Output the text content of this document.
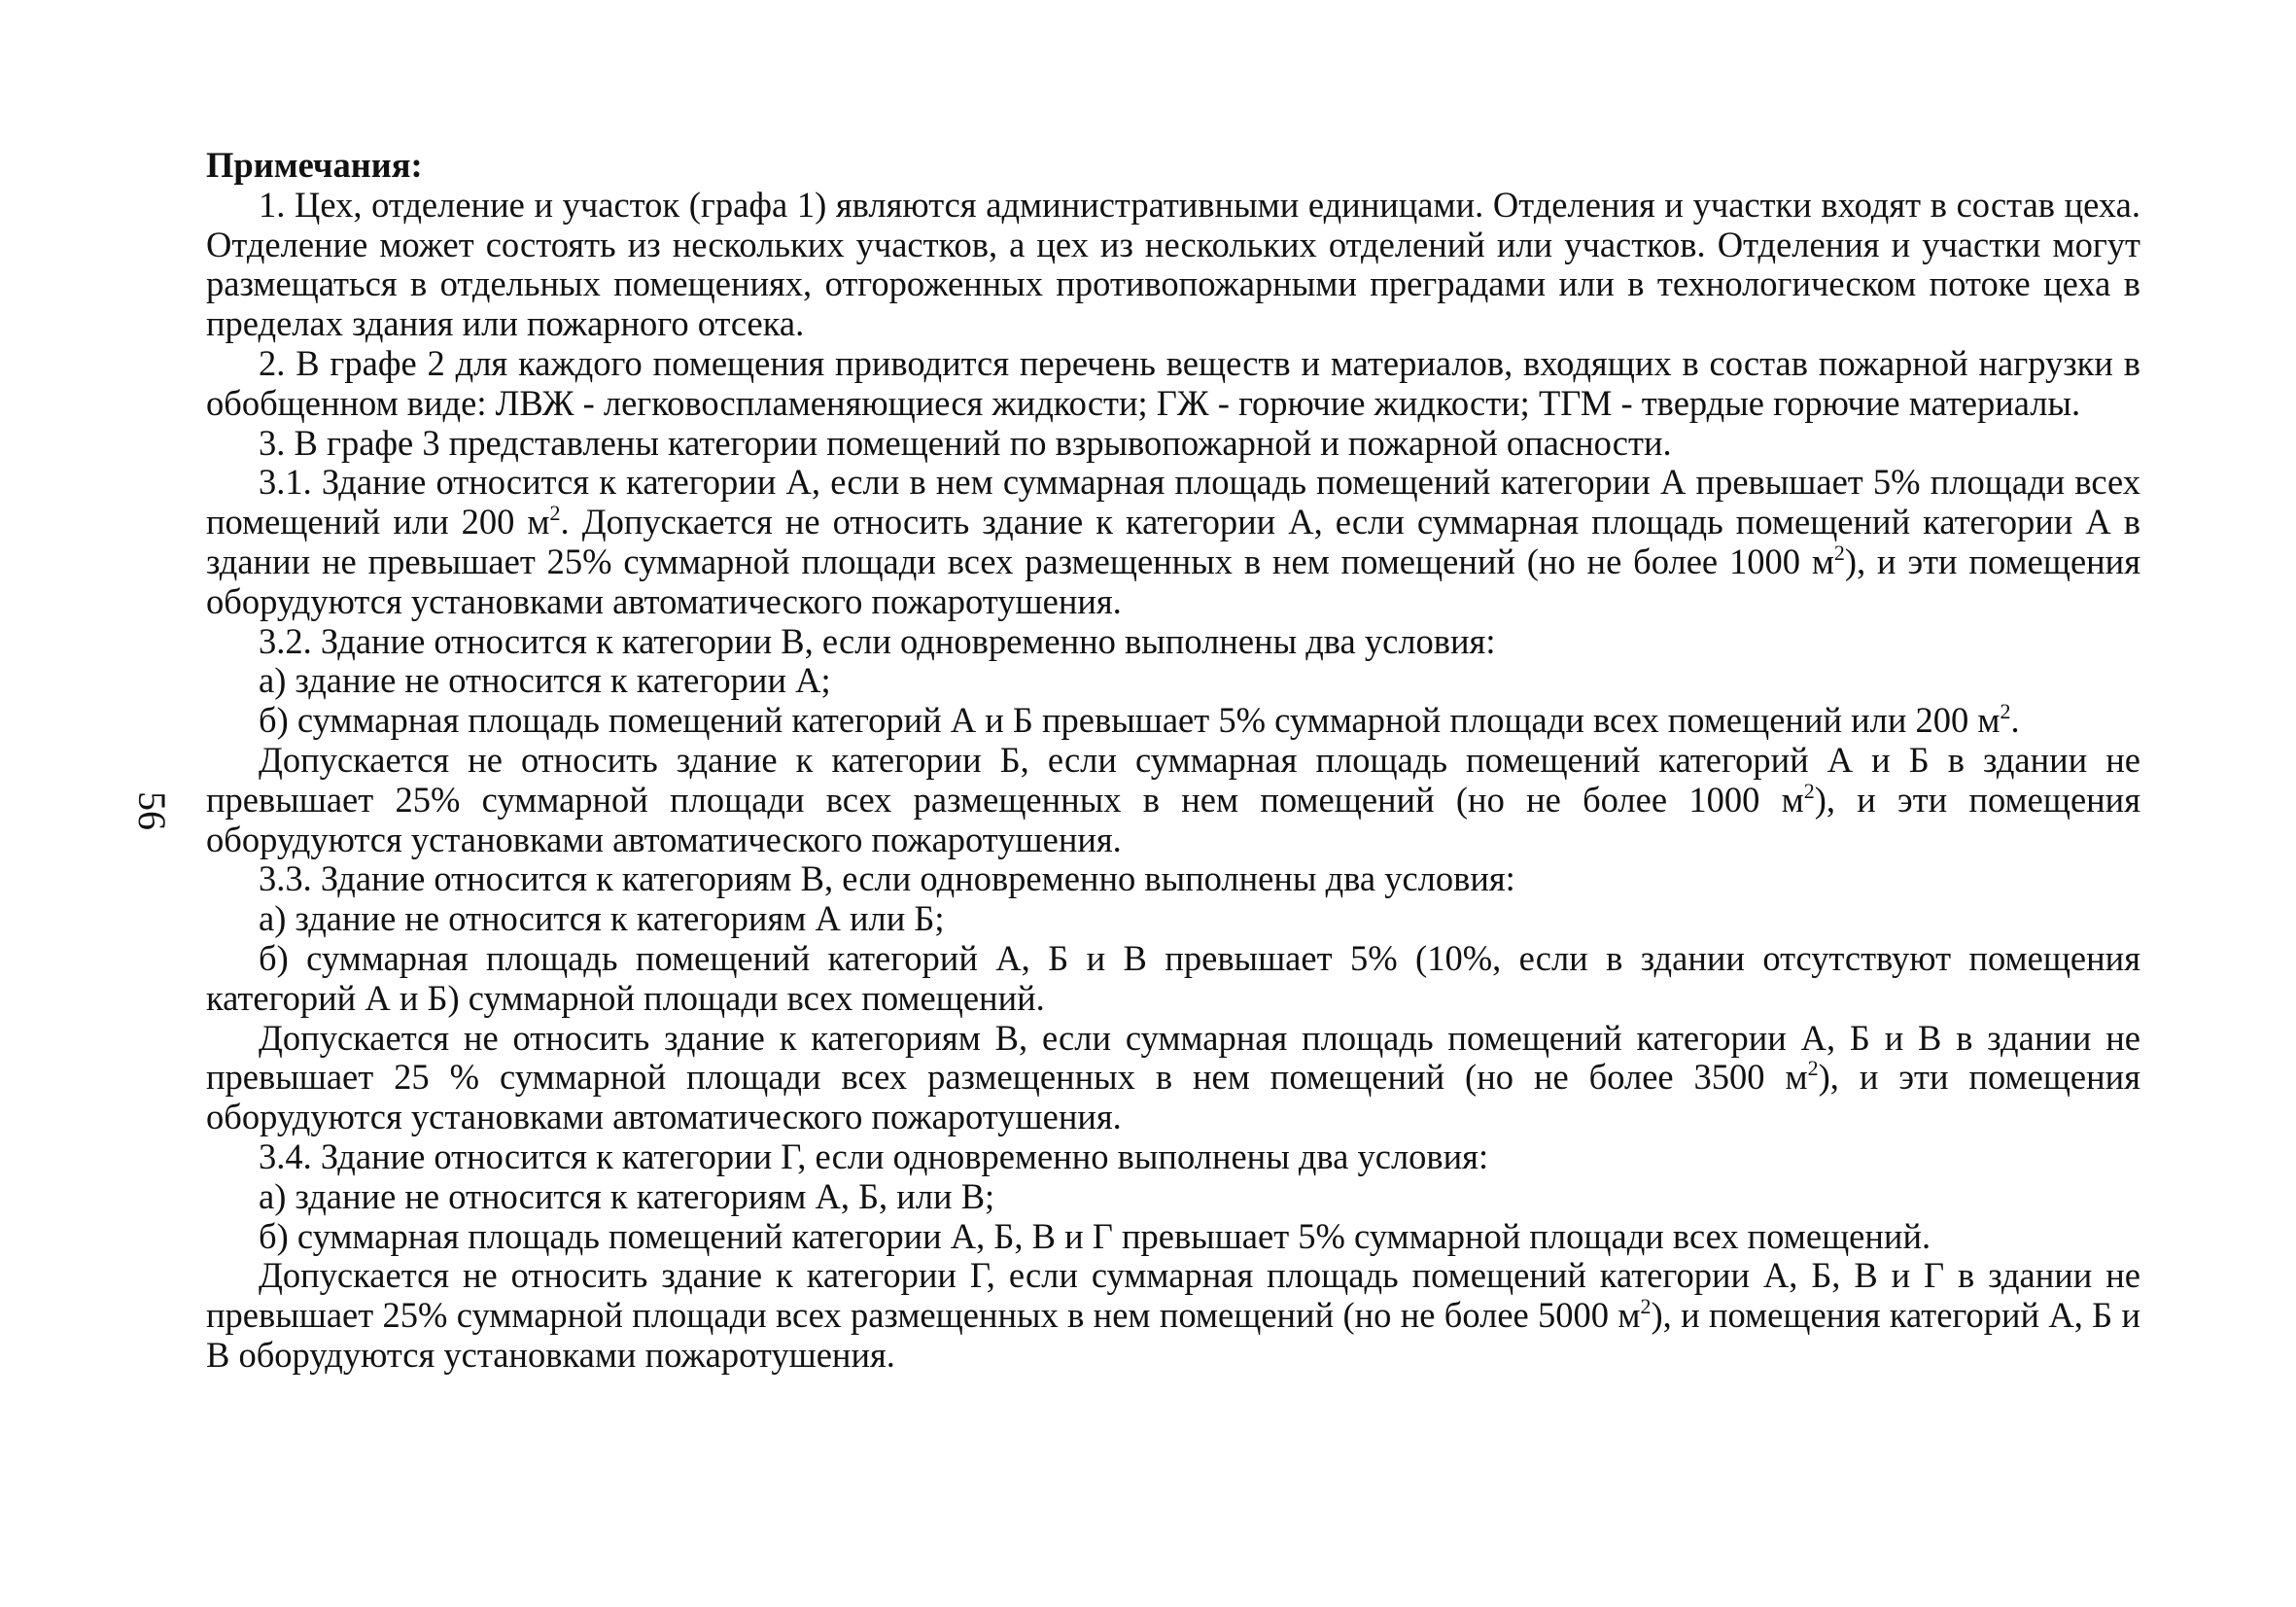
56

Примечания:

1. Цех, отделение и участок (графа 1) являются административными единицами. Отделения и участки входят в состав цеха. Отделение может состоять из нескольких участков, а цех из нескольких отделений или участков. Отделения и участки могут размещаться в отдельных помещениях, отгороженных противопожарными преградами или в технологическом потоке цеха в пределах здания или пожарного отсека.

2. В графе 2 для каждого помещения приводится перечень веществ и материалов, входящих в состав пожарной нагрузки в обобщенном виде: ЛВЖ - легковоспламеняющиеся жидкости; ГЖ - горючие жидкости; ТГМ - твердые горючие материалы.

3. В графе 3 представлены категории помещений по взрывопожарной и пожарной опасности.

3.1. Здание относится к категории А, если в нем суммарная площадь помещений категории А превышает 5% площади всех помещений или 200 $м^2$. Допускается не относить здание к категории А, если суммарная площадь помещений категории А в здании не превышает 25% суммарной площади всех размещенных в нем помещений (но не более 1000 $м^2$), и эти помещения оборудуются установками автоматического пожаротушения.

3.2. Здание относится к категории В, если одновременно выполнены два условия:

а) здание не относится к категории А;

б) суммарная площадь помещений категорий А и Б превышает 5% суммарной площади всех помещений или 200 $м^2$.

Допускается не относить здание к категории Б, если суммарная площадь помещений категорий А и Б в здании не превышает 25% суммарной площади всех размещенных в нем помещений (но не более 1000 $м^2$), и эти помещения оборудуются установками автоматического пожаротушения.

3.3. Здание относится к категориям В, если одновременно выполнены два условия:

а) здание не относится к категориям А или Б;

б) суммарная площадь помещений категорий А, Б и В превышает 5% (10%, если в здании отсутствуют помещения категорий А и Б) суммарной площади всех помещений.

Допускается не относить здание к категориям В, если суммарная площадь помещений категории А, Б и В в здании не превышает 25 % суммарной площади всех размещенных в нем помещений (но не более 3500 $м^2$), и эти помещения оборудуются установками автоматического пожаротушения.

3.4. Здание относится к категории Г, если одновременно выполнены два условия:

а) здание не относится к категориям А, Б, или В;

б) суммарная площадь помещений категории А, Б, В и Г превышает 5% суммарной площади всех помещений.

Допускается не относить здание к категории Г, если суммарная площадь помещений категории А, Б, В и Г в здании не превышает 25% суммарной площади всех размещенных в нем помещений (но не более 5000 $м^2$), и помещения категорий А, Б и В оборудуются установками пожаротушения.
